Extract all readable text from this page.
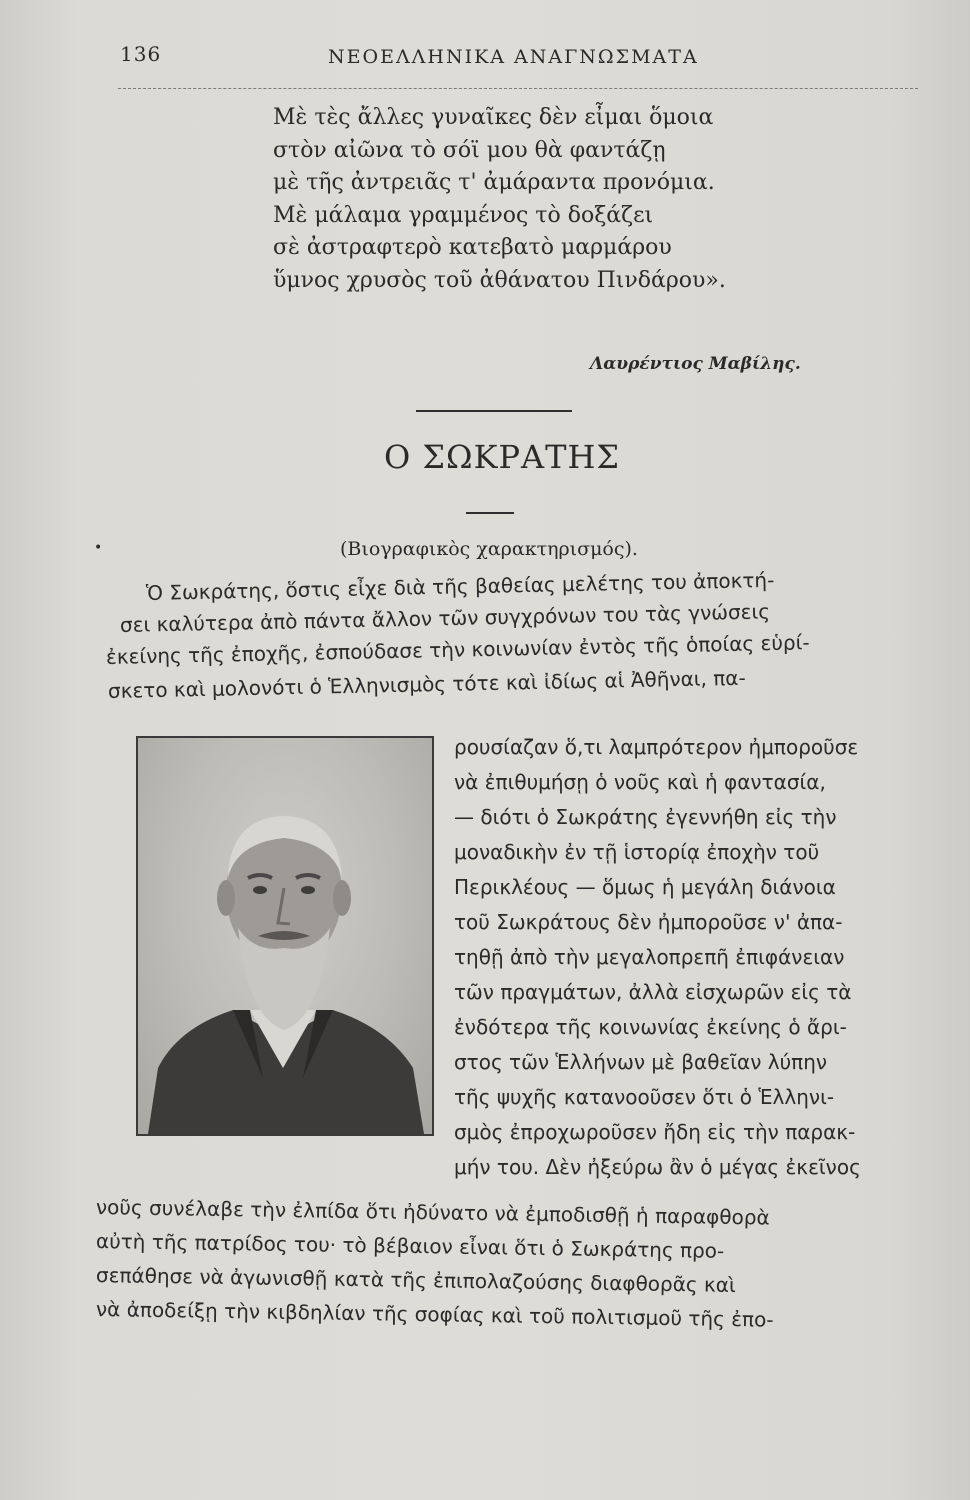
136	ΝΕΟΕΛΛΗΝΙΚΑ ΑΝΑΓΝΩΣΜΑΤΑ
Μὲ τὲς ἄλλες γυναῖκες δὲν εἶμαι ὅμοια
στὸν αἰῶνα τὸ σόϊ μου θὰ φαντάζῃ
μὲ τῆς ἀντρειᾶς τ' ἀμάραντα προνόμια.
Μὲ μάλαμα γραμμένος τὸ δοξάζει
σὲ ἀστραφτερὸ κατεβατὸ μαρμάρου
ὕμνος χρυσὸς τοῦ ἀθάνατου Πινδάρου».
Λαυρέντιος Μαβίλης.
Ο ΣΩΚΡΑΤΗΣ
•	(Βιογραφικὸς χαρακτηρισμός).
Ὁ Σωκράτης, ὅστις εἶχε διὰ τῆς βαθείας μελέτης του ἀποκτή-
σει καλύτερα ἀπὸ πάντα ἄλλον τῶν συγχρόνων του τὰς γνώσεις
ἐκείνης τῆς ἐποχῆς, ἐσπούδασε τὴν κοινωνίαν ἐντὸς τῆς ὁποίας εὑρί-
σκετο καὶ μολονότι ὁ Ἑλληνισμὸς τότε καὶ ἰδίως αἱ Ἀθῆναι, πα-
ρουσίαζαν ὅ,τι λαμπρότερον ἠμποροῦσε
νὰ ἐπιθυμήσῃ ὁ νοῦς καὶ ἡ φαντασία,
— διότι ὁ Σωκράτης ἐγεννήθη εἰς τὴν
μοναδικὴν ἐν τῇ ἱστορίᾳ ἐποχὴν τοῦ
Περικλέους — ὅμως ἡ μεγάλη διάνοια
τοῦ Σωκράτους δὲν ἠμποροῦσε ν' ἀπα-
τηθῇ ἀπὸ τὴν μεγαλοπρεπῆ ἐπιφάνειαν
τῶν πραγμάτων, ἀλλὰ εἰσχωρῶν εἰς τὰ
ἐνδότερα τῆς κοινωνίας ἐκείνης ὁ ἄρι-
στος τῶν Ἑλλήνων μὲ βαθεῖαν λύπην
τῆς ψυχῆς κατανοοῦσεν ὅτι ὁ Ἑλληνι-
σμὸς ἐπροχωροῦσεν ἤδη εἰς τὴν παρακ-
μήν του. Δὲν ἠξεύρω ἂν ὁ μέγας ἐκεῖνος
νοῦς συνέλαβε τὴν ἐλπίδα ὅτι ἠδύνατο νὰ ἐμποδισθῇ ἡ παραφθορὰ
αὐτὴ τῆς πατρίδος του· τὸ βέβαιον εἶναι ὅτι ὁ Σωκράτης προ-
σεπάθησε νὰ ἀγωνισθῇ κατὰ τῆς ἐπιπολαζούσης διαφθορᾶς καὶ
νὰ ἀποδείξῃ τὴν κιβδηλίαν τῆς σοφίας καὶ τοῦ πολιτισμοῦ τῆς ἐπο-
